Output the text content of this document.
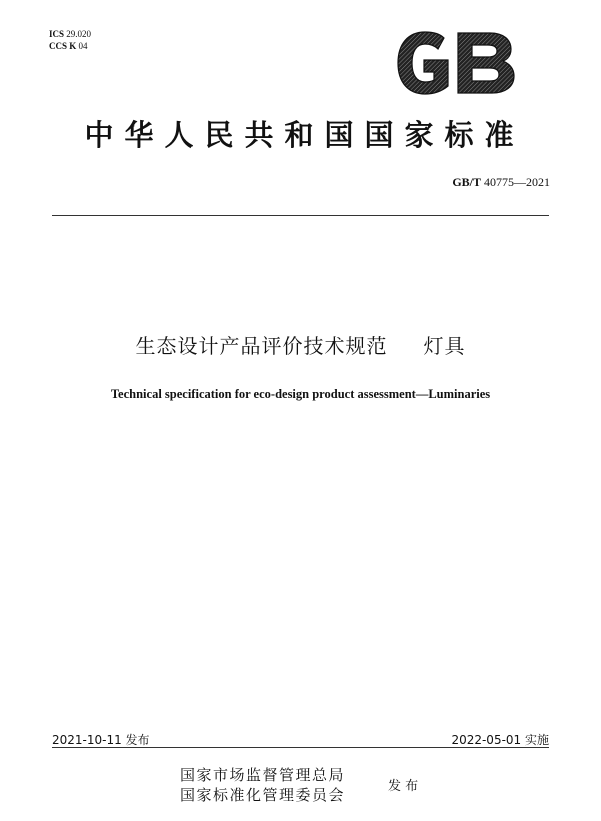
ICS 29.020
CCS K 04
中华人民共和国国家标准
GB/T 40775—2021
生态设计产品评价技术规范 灯具
Technical specification for eco-design product assessment—Luminaries
2021-10-11 发布	2022-05-01 实施
国家市场监督管理总局
国家标准化管理委员会	发 布
